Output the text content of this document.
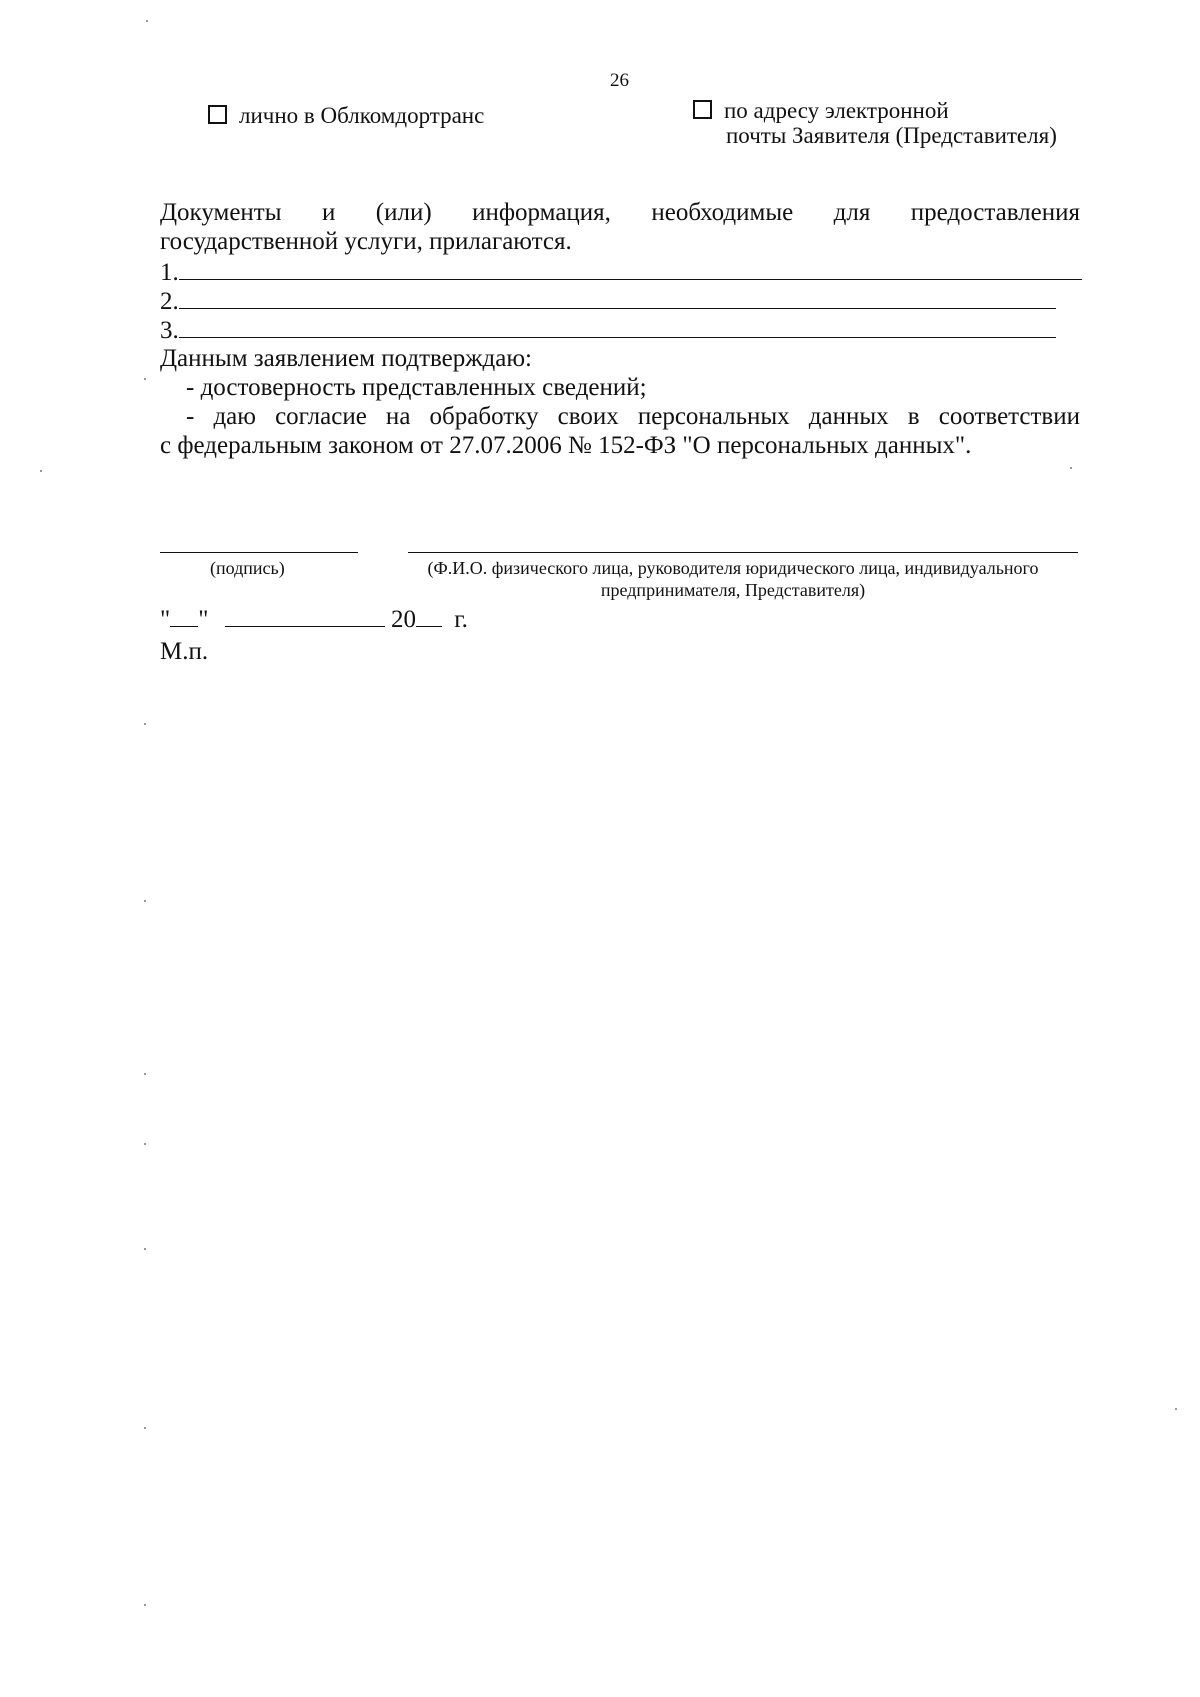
26
лично в Облкомдортранс	по адресу электронной
почты Заявителя (Представителя)
Документы и (или) информация, необходимые для предоставления
государственной услуги, прилагаются.
1.
2.
3.

Данным заявлением подтверждаю:

- достоверность представленных сведений;

- даю согласие на обработку своих персональных данных в соответствии

с федеральным законом от 27.07.2006 № 152-ФЗ "О персональных данных".

(подпись)	(Ф.И.О. физического лица, руководителя юридического лица, индивидуального предпринимателя, Представителя)
" "	20 г.
М.п.
